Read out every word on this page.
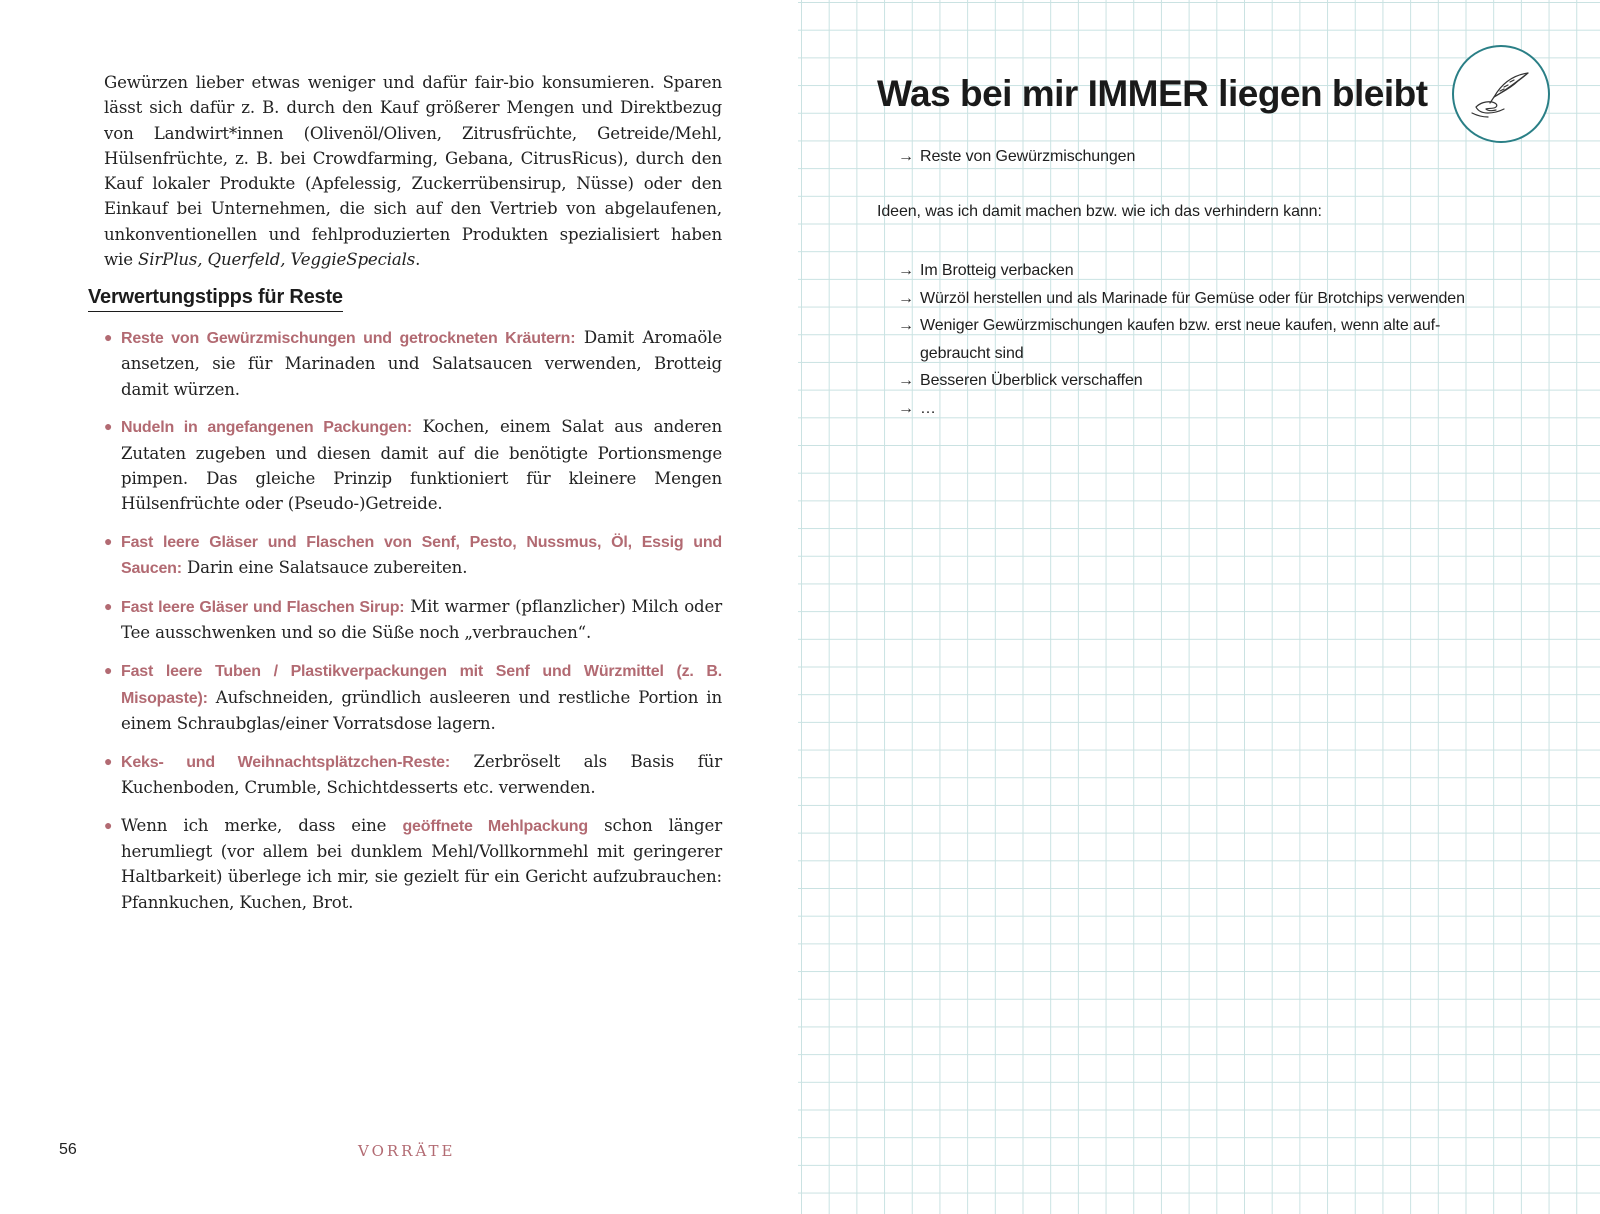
Gewürzen lieber etwas weniger und dafür fair-bio konsumieren. Sparen lässt sich dafür z. B. durch den Kauf größerer Mengen und Direktbezug von Landwirt*innen (Olivenöl/Oliven, Zitrusfrüchte, Getreide/Mehl, Hülsenfrüchte, z. B. bei Crowdfarming, Gebana, CitrusRicus), durch den Kauf lokaler Produkte (Apfelessig, Zuckerrübensirup, Nüsse) oder den Einkauf bei Unternehmen, die sich auf den Vertrieb von abgelaufenen, unkonventionellen und fehlproduzierten Produkten spezialisiert haben wie SirPlus, Querfeld, VeggieSpecials.

Verwertungstipps für Reste
● Reste von Gewürzmischungen und getrockneten Kräutern: Damit Aromaöle ansetzen, sie für Marinaden und Salatsaucen verwenden, Brotteig damit würzen.
● Nudeln in angefangenen Packungen: Kochen, einem Salat aus anderen Zutaten zugeben und diesen damit auf die benötigte Portionsmenge pimpen. Das gleiche Prinzip funktioniert für kleinere Mengen Hülsenfrüchte oder (Pseudo-)Getreide.
● Fast leere Gläser und Flaschen von Senf, Pesto, Nussmus, Öl, Essig und Saucen: Darin eine Salatsauce zubereiten.
● Fast leere Gläser und Flaschen Sirup: Mit warmer (pflanzlicher) Milch oder Tee ausschwenken und so die Süße noch „verbrauchen“.
● Fast leere Tuben / Plastikverpackungen mit Senf und Würzmittel (z. B. Misopaste): Aufschneiden, gründlich ausleeren und restliche Portion in einem Schraubglas/einer Vorratsdose lagern.
● Keks- und Weihnachtsplätzchen-Reste: Zerbröselt als Basis für Kuchenboden, Crumble, Schichtdesserts etc. verwenden.
● Wenn ich merke, dass eine geöffnete Mehlpackung schon länger herumliegt (vor allem bei dunklem Mehl/Vollkornmehl mit geringerer Haltbarkeit) überlege ich mir, sie gezielt für ein Gericht aufzubrauchen: Pfannkuchen, Kuchen, Brot.

56	VORRÄTE

Was bei mir IMMER liegen bleibt

→ Reste von Gewürzmischungen

Ideen, was ich damit machen bzw. wie ich das verhindern kann:

→ Im Brotteig verbacken
→ Würzöl herstellen und als Marinade für Gemüse oder für Brotchips verwenden
→ Weniger Gewürzmischungen kaufen bzw. erst neue kaufen, wenn alte auf-
gebraucht sind
→ Besseren Überblick verschaffen
→ …
